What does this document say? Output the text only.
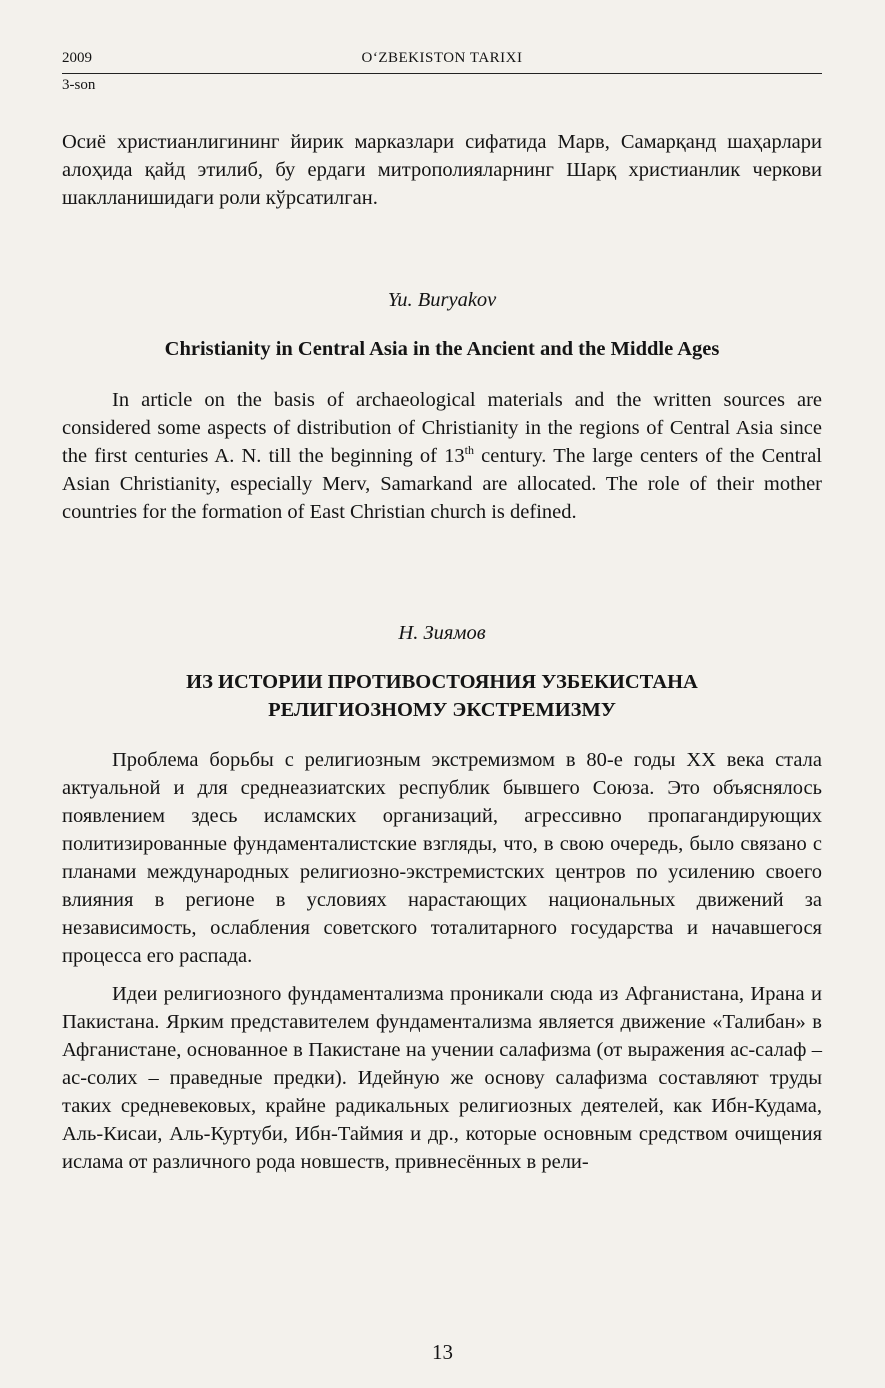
2009	O‘ZBEKISTON TARIXI
3-son

Осиё христианлигининг йирик марказлари сифатида Марв, Самарқанд шаҳарлари алоҳида қайд этилиб, бу ердаги митрополияларнинг Шарқ христианлик черкови шаклланишидаги роли кўрсатилган.

Yu. Buryakov

Christianity in Central Asia in the Ancient and the Middle Ages

In article on the basis of archaeological materials and the written sources are considered some aspects of distribution of Christianity in the regions of Central Asia since the first centuries A. N. till the beginning of 13th century. The large centers of the Central Asian Christianity, especially Merv, Samarkand are allocated. The role of their mother countries for the formation of East Christian church is defined.

Н. Зиямов

ИЗ ИСТОРИИ ПРОТИВОСТОЯНИЯ УЗБЕКИСТАНА

РЕЛИГИОЗНОМУ ЭКСТРЕМИЗМУ

Проблема борьбы с религиозным экстремизмом в 80-е годы XX века стала актуальной и для среднеазиатских республик бывшего Союза. Это объяснялось появлением здесь исламских организаций, агрессивно пропагандирующих политизированные фундаменталистские взгляды, что, в свою очередь, было связано с планами международных религиозно-экстремистских центров по усилению своего влияния в регионе в условиях нарастающих национальных движений за независимость, ослабления советского тоталитарного государства и начавшегося процесса его распада.

Идеи религиозного фундаментализма проникали сюда из Афганистана, Ирана и Пакистана. Ярким представителем фундаментализма является движение «Талибан» в Афганистане, основанное в Пакистане на учении салафизма (от выражения ас-салаф – ас-солих – праведные предки). Идейную же основу салафизма составляют труды таких средневековых, крайне радикальных религиозных деятелей, как Ибн-Кудама, Аль-Кисаи, Аль-Куртуби, Ибн-Таймия и др., которые основным средством очищения ислама от различного рода новшеств, привнесённых в рели-

13
